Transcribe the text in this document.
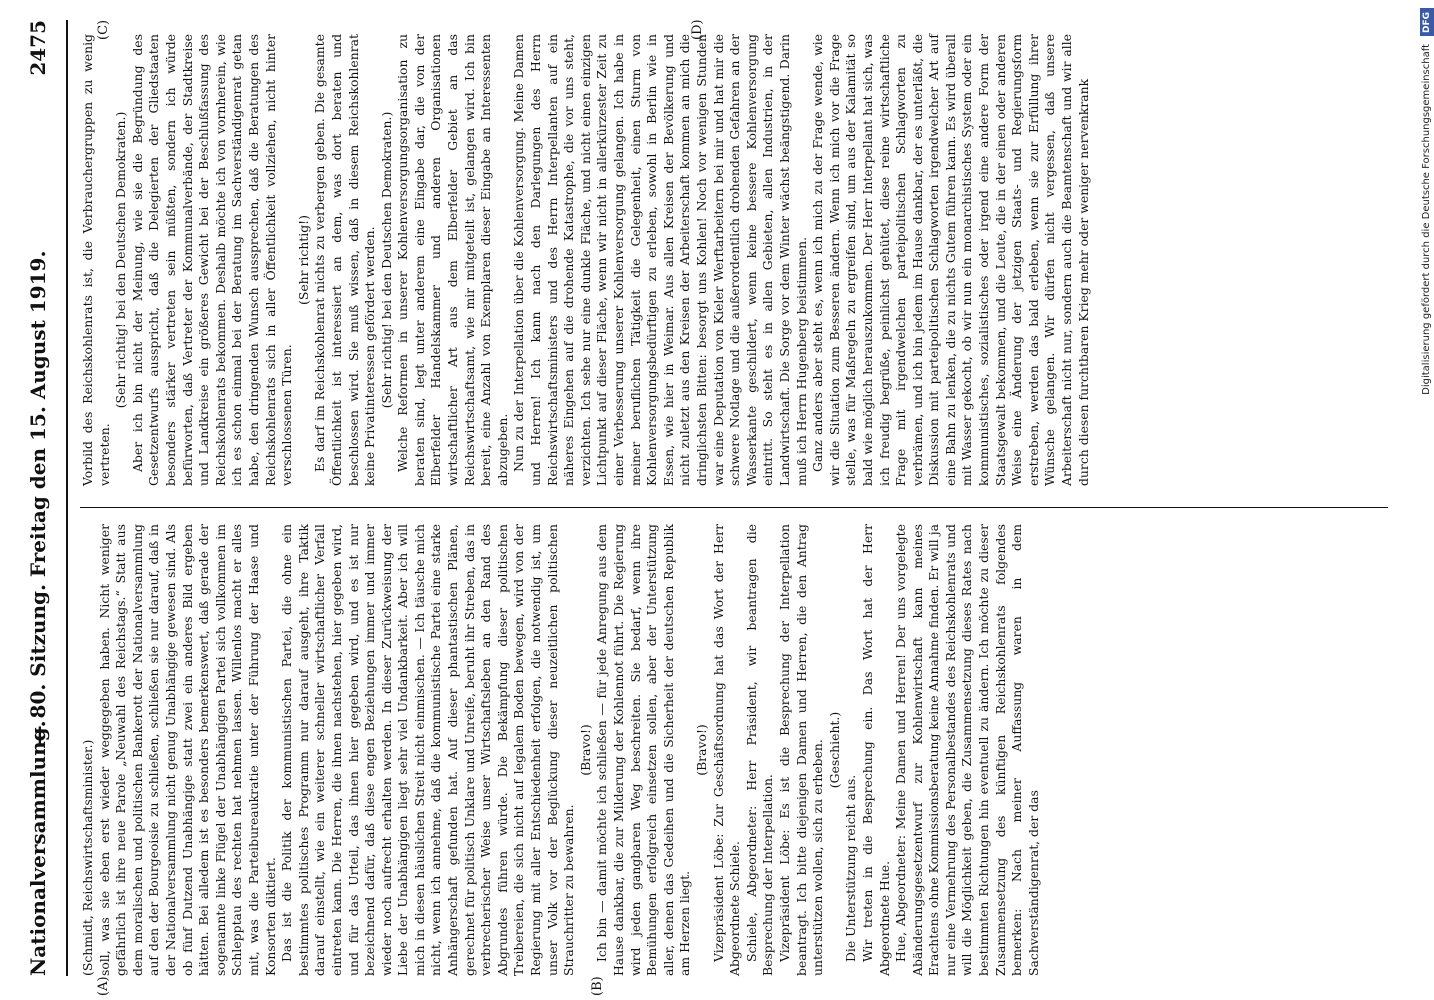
Nationalversammlung.
— 80. Sitzung. Freitag den 15. August 1919.
2475
(A)	(B)
(C)	(D)

(Schmidt, Reichswirtschaftsminister.) soll, was sie eben erst wieder weggegeben haben. Nicht weniger gefährlich ist ihre neue Parole „Neuwahl des Reichstags.“ Statt aus dem moralischen und politischen Bankerott der Nationalversammlung auf den der Bourgeoisie zu schließen, schließen sie nur darauf, daß in der Nationalversammlung nicht genug Unabhängige gewesen sind. Als ob fünf Dutzend Unabhängige statt zwei ein anderes Bild ergeben hätten. Bei alledem ist es besonders bemerkenswert, daß gerade der sogenannte linke Flügel der Unabhängigen Partei sich vollkommen im Schlepptau des rechten hat nehmen lassen. Willenlos macht er alles mit, was die Parteibureaukratie unter der Führung der Haase und Konsorten diktiert. Das ist die Politik der kommunistischen Partei, die ohne ein bestimmtes politisches Programm nur darauf ausgeht, ihre Taktik darauf einstellt, wie ein weiterer schneller wirtschaftlicher Verfall eintreten kann. Die Herren, die ihnen nachstehen, hier gegeben wird, und für das Urteil, das ihnen hier gegeben wird, und es ist nur bezeichnend dafür, daß diese engen Beziehungen immer und immer wieder noch aufrecht erhalten werden. In dieser Zurückweisung der Liebe der Unabhängigen liegt sehr viel Undankbarkeit. Aber ich will mich in diesen häuslichen Streit nicht einmischen. — Ich täusche mich nicht, wenn ich annehme, daß die kommunistische Partei eine starke Anhängerschaft gefunden hat. Auf dieser phantastischen Plänen, gerechnet für politisch Unklare und Unreife, beruht ihr Streben, das in verbrecherischer Weise unser Wirtschaftsleben an den Rand des Abgrundes führen würde. Die Bekämpfung dieser politischen Treibereien, die sich nicht auf legalem Boden bewegen, wird von der Regierung mit aller Entschiedenheit erfolgen, die notwendig ist, um unser Volk vor der Beglückung dieser neuzeitlichen politischen Strauchritter zu bewahren.

(Bravo!) Ich bin — damit möchte ich schließen — für jede Anregung aus dem Hause dankbar, die zur Milderung der Kohlennot führt. Die Regierung wird jeden gangbaren Weg beschreiten. Sie bedarf, wenn ihre Bemühungen erfolgreich einsetzen sollen, aber der Unterstützung aller, denen das Gedeihen und die Sicherheit der deutschen Republik am Herzen liegt.

(Bravo!) Vizepräsident Löbe: Zur Geschäftsordnung hat das Wort der Herr Abgeordnete Schiele. Schiele, Abgeordneter: Herr Präsident, wir beantragen die Besprechung der Interpellation. Vizepräsident Löbe: Es ist die Besprechung der Interpellation beantragt. Ich bitte diejenigen Damen und Herren, die den Antrag unterstützen wollen, sich zu erheben. (Geschieht.)

Die Unterstützung reicht aus. Wir treten in die Besprechung ein. Das Wort hat der Herr Abgeordnete Hue. Hue, Abgeordneter: Meine Damen und Herren! Der uns vorgelegte Abänderungsgesetzentwurf zur Kohlenwirtschaft kann meines Erachtens ohne Kommissionsberatung keine Annahme finden. Er will ja nur eine Vermehrung des Personalbestandes des Reichskohlenrats und will die Möglichkeit geben, die Zusammensetzung dieses Rates nach bestimmten Richtungen hin eventuell zu ändern. Ich möchte zu dieser Zusammensetzung des künftigen Reichskohlenrats folgendes bemerken: Nach meiner Auffassung waren in dem Sachverständigenrat, der das

Vorbild des Reichskohlenrats ist, die Verbrauchergruppen zu wenig vertreten.

(Sehr richtig! bei den Deutschen Demokraten.) Aber ich bin nicht der Meinung, wie sie die Begründung des Gesetzentwurfs ausspricht, daß die Delegierten der Gliedstaaten besonders stärker vertreten sein müßten, sondern ich würde befürworten, daß Vertreter der Kommunalverbände, der Stadtkreise und Landkreise ein größeres Gewicht bei der Beschlußfassung des Reichskohlenrats bekommen. Deshalb möchte ich von vornherein, wie ich es schon einmal bei der Beratung im Sachverständigenrat getan habe, den dringenden Wunsch aussprechen, daß die Beratungen des Reichskohlenrats sich in aller Öffentlichkeit vollziehen, nicht hinter verschlossenen Türen.

(Sehr richtig!) Es darf im Reichskohlenrat nichts zu verbergen geben. Die gesamte Öffentlichkeit ist interessiert an dem, was dort beraten und beschlossen wird. Sie muß wissen, daß in diesem Reichskohlenrat keine Privatinteressen gefördert werden. (Sehr richtig! bei den Deutschen Demokraten.) Welche Reformen in unserer Kohlenversorgungsorganisation zu beraten sind, legt unter anderem eine Eingabe dar, die von der Elberfelder Handelskammer und anderen Organisationen wirtschaftlicher Art aus dem Elberfelder Gebiet an das Reichswirtschaftsamt, wie mir mitgeteilt ist, gelangen wird. Ich bin bereit, eine Anzahl von Exemplaren dieser Eingabe an Interessenten abzugeben. Nun zu der Interpellation über die Kohlenversorgung. Meine Damen und Herren! Ich kann nach den Darlegungen des Herrn Reichswirtschaftsministers und des Herrn Interpellanten auf ein näheres Eingehen auf die drohende Katastrophe, die vor uns steht, verzichten. Ich sehe nur eine dunkle Fläche, und nicht einen einzigen Lichtpunkt auf dieser Fläche, wenn wir nicht in allerkürzester Zeit zu einer Verbesserung unserer Kohlenversorgung gelangen. Ich habe in meiner beruflichen Tätigkeit die Gelegenheit, einen Sturm von Kohlenversorgungsbedürftigen zu erleben, sowohl in Berlin wie in Essen, wie hier in Weimar. Aus allen Kreisen der Bevölkerung und nicht zuletzt aus den Kreisen der Arbeiterschaft kommen an mich die dringlichsten Bitten: besorgt uns Kohlen! Noch vor wenigen Stunden war eine Deputation von Kieler Werftarbeitern bei mir und hat mir die schwere Notlage und die außerordentlich drohenden Gefahren an der Wasserkante geschildert, wenn keine bessere Kohlenversorgung eintritt. So steht es in allen Gebieten, allen Industrien, in der Landwirtschaft. Die Sorge vor dem Winter wächst beängstigend. Darin muß ich Herrn Hugenberg beistimmen. Ganz anders aber steht es, wenn ich mich zu der Frage wende, wie wir die Situation zum Besseren ändern. Wenn ich mich vor die Frage stelle, was für Maßregeln zu ergreifen sind, um aus der Kalamität so bald wie möglich herauszukommen. Der Herr Interpellant hat sich, was ich freudig begrüße, peinlichst gehütet, diese reine wirtschaftliche Frage mit irgendwelchen parteipolitischen Schlagworten zu verbrämen, und ich bin jedem im Hause dankbar, der es unterläßt, die Diskussion mit parteipolitischen Schlagworten irgendwelcher Art auf eine Bahn zu lenken, die zu nichts Gutem führen kann. Es wird überall mit Wasser gekocht, ob wir nun ein monarchistisches System oder ein kommunistisches, sozialistisches oder irgend eine andere Form der Staatsgewalt bekommen, und die Leute, die in der einen oder anderen Weise eine Änderung der jetzigen Staats- und Regierungsform erstreben, werden das bald erleben, wenn sie zur Erfüllung ihrer Wünsche gelangen. Wir dürfen nicht vergessen, daß unsere Arbeiterschaft nicht nur, sondern auch die Beamtenschaft und wir alle durch diesen furchtbaren Krieg mehr oder weniger nervenkrank

DFG
Digitalisierung gefördert durch die Deutsche Forschungsgemeinschaft
